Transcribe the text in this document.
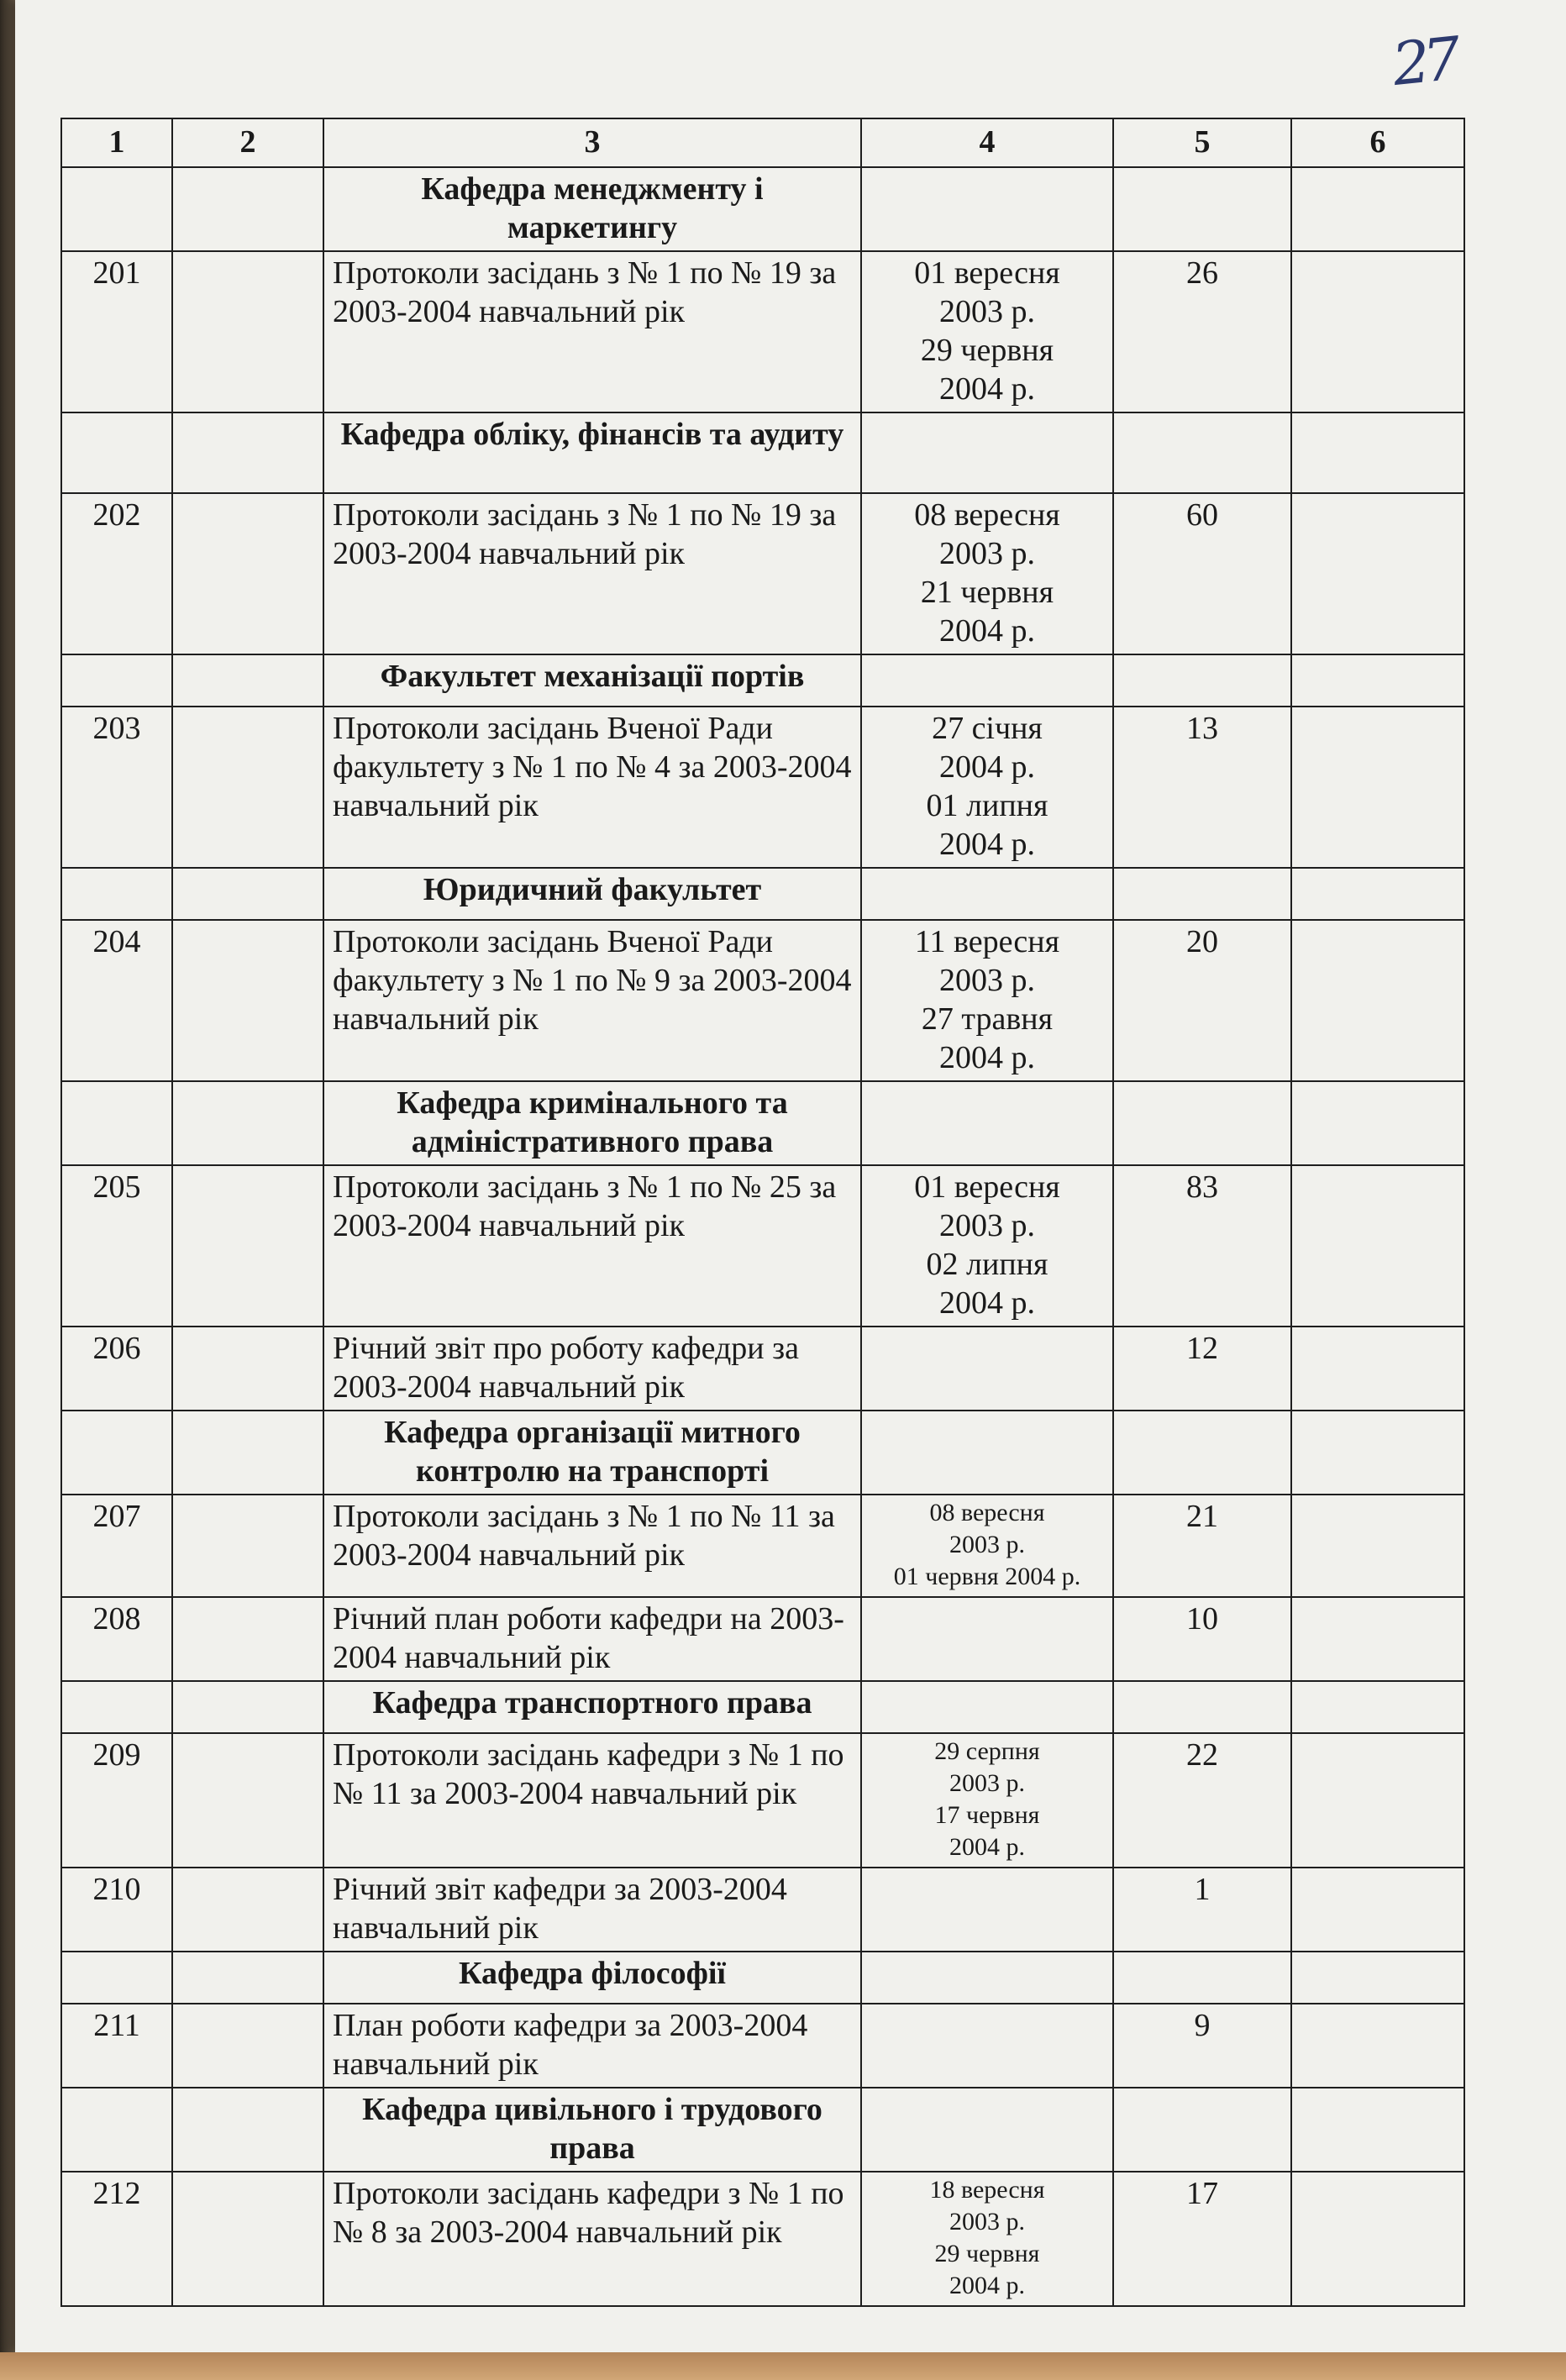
27
1	2	3	4	5	6
		Кафедра менеджменту і маркетингу			
201		Протоколи засідань з № 1 по № 19 за 2003-2004 навчальний рік	01 вересня
2003 р.
29 червня
2004 р.	26	
		Кафедра обліку, фінансів та аудиту			
202		Протоколи засідань з № 1 по № 19 за 2003-2004 навчальний рік	08 вересня
2003 р.
21 червня
2004 р.	60	
		Факультет механізації портів			
203		Протоколи засідань Вченої Ради факультету з № 1 по № 4 за 2003-2004 навчальний рік	27 січня
2004 р.
01 липня
2004 р.	13	
		Юридичний факультет			
204		Протоколи засідань Вченої Ради факультету з № 1 по № 9 за 2003-2004 навчальний рік	11 вересня
2003 р.
27 травня
2004 р.	20	
		Кафедра кримінального та адміністративного права			
205		Протоколи засідань з № 1 по № 25 за 2003-2004 навчальний рік	01 вересня
2003 р.
02 липня
2004 р.	83	
206		Річний звіт про роботу кафедри за 2003-2004 навчальний рік		12	
		Кафедра організації митного контролю на транспорті			
207		Протоколи засідань з № 1 по № 11 за 2003-2004 навчальний рік	08 вересня
2003 р.
01 червня 2004 р.	21	
208		Річний план роботи кафедри на 2003-2004 навчальний рік		10	
		Кафедра транспортного права			
209		Протоколи засідань кафедри з № 1 по № 11 за 2003-2004 навчальний рік	29 серпня
2003 р.
17 червня
2004 р.	22	
210		Річний звіт кафедри за 2003-2004 навчальний рік		1	
		Кафедра філософії			
211		План роботи кафедри за 2003-2004 навчальний рік		9	
		Кафедра цивільного і трудового права			
212		Протоколи засідань кафедри з № 1 по № 8 за 2003-2004 навчальний рік	18 вересня
2003 р.
29 червня
2004 р.	17	
